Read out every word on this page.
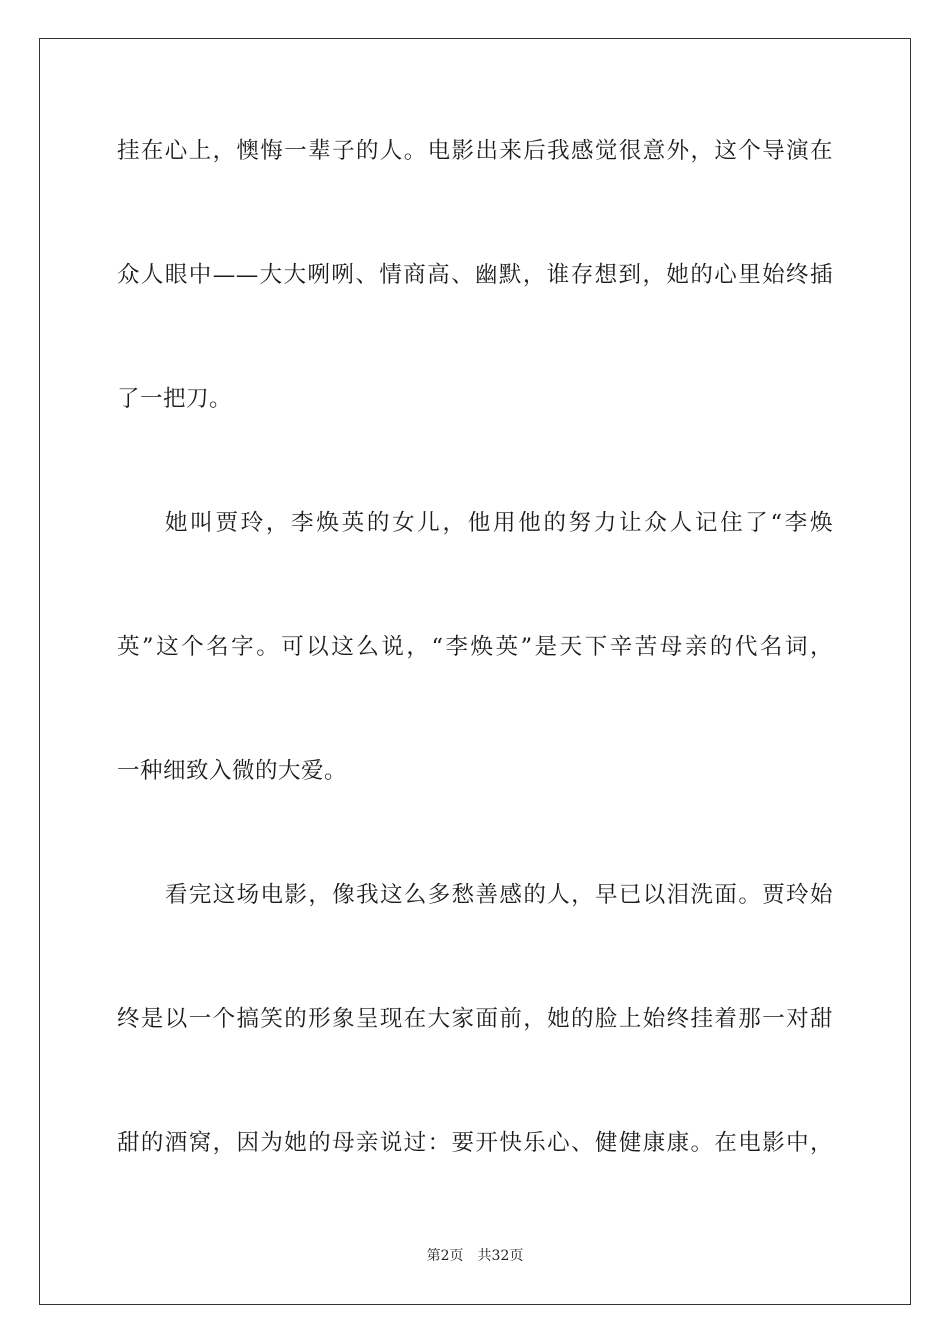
挂在心上，懊悔一辈子的人。电影出来后我感觉很意外，这个导演在
众人眼中——大大咧咧、情商高、幽默，谁存想到，她的心里始终插
了一把刀。
她叫贾玲，李焕英的女儿，他用他的努力让众人记住了“李焕
英”这个名字。可以这么说，“李焕英”是天下辛苦母亲的代名词，
一种细致入微的大爱。
看完这场电影，像我这么多愁善感的人，早已以泪洗面。贾玲始
终是以一个搞笑的形象呈现在大家面前，她的脸上始终挂着那一对甜
甜的酒窝，因为她的母亲说过：要开快乐心、健健康康。在电影中，
第2页 共32页
